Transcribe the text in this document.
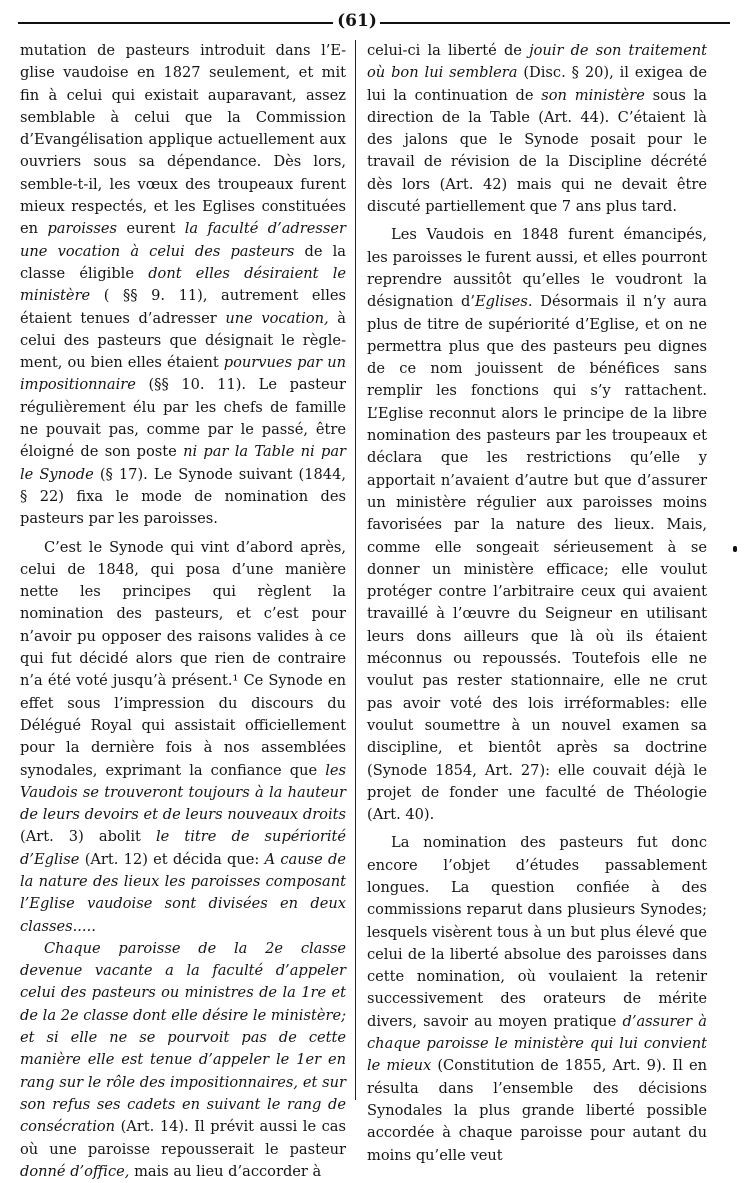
(61)

mutation de pasteurs introduit dans l’Eglise vaudoise en 1827 seulement, et mit fin à celui qui existait auparavant, assez semblable à celui que la Commission d’Evangélisation applique actuellement aux ouvriers sous sa dépendance. Dès lors, semble-t-il, les vœux des troupeaux furent mieux respectés, et les Eglises constituées en paroisses eurent la faculté d’adresser une vocation à celui des pasteurs de la classe éligible dont elles désiraient le ministère ( §§ 9. 11), autrement elles étaient tenues d’adresser une vocation, à celui des pasteurs que désignait le règlement, ou bien elles étaient pourvues par un impositionnaire (§§ 10. 11). Le pasteur régulièrement élu par les chefs de famille ne pouvait pas, comme par le passé, être éloigné de son poste ni par la Table ni par le Synode (§ 17). Le Synode suivant (1844, § 22) fixa le mode de nomination des pasteurs par les paroisses.

C’est le Synode qui vint d’abord après, celui de 1848, qui posa d’une manière nette les principes qui règlent la nomination des pasteurs, et c’est pour n’avoir pu opposer des raisons valides à ce qui fut décidé alors que rien de contraire n’a été voté jusqu’à présent.¹ Ce Synode en effet sous l’impression du discours du Délégué Royal qui assistait officiellement pour la dernière fois à nos assemblées synodales, exprimant la confiance que les Vaudois se trouveront toujours à la hauteur de leurs devoirs et de leurs nouveaux droits (Art. 3) abolit le titre de supériorité d’Eglise (Art. 12) et décida que: A cause de la nature des lieux les paroisses composant l’Eglise vaudoise sont divisées en deux classes.....

Chaque paroisse de la 2e classe devenue vacante a la faculté d’appeler celui des pasteurs ou ministres de la 1re et de la 2e classe dont elle désire le ministère; et si elle ne se pourvoit pas de cette manière elle est tenue d’appeler le 1er en rang sur le rôle des impositionnaires, et sur son refus ses cadets en suivant le rang de consécration (Art. 14). Il prévit aussi le cas où une paroisse repousserait le pasteur donné d’office, mais au lieu d’accorder à

celui-ci la liberté de jouir de son traitement où bon lui semblera (Disc. § 20), il exigea de lui la continuation de son ministère sous la direction de la Table (Art. 44). C’étaient là des jalons que le Synode posait pour le travail de révision de la Discipline décrété dès lors (Art. 42) mais qui ne devait être discuté partiellement que 7 ans plus tard.

Les Vaudois en 1848 furent émancipés, les paroisses le furent aussi, et elles pourront reprendre aussitôt qu’elles le voudront la désignation d’Eglises. Désormais il n’y aura plus de titre de supériorité d’Eglise, et on ne permettra plus que des pasteurs peu dignes de ce nom jouissent de bénéfices sans remplir les fonctions qui s’y rattachent. L’Eglise reconnut alors le principe de la libre nomination des pasteurs par les troupeaux et déclara que les restrictions qu’elle y apportait n’avaient d’autre but que d’assurer un ministère régulier aux paroisses moins favorisées par la nature des lieux. Mais, comme elle songeait sérieusement à se donner un ministère efficace; elle voulut protéger contre l’arbitraire ceux qui avaient travaillé à l’œuvre du Seigneur en utilisant leurs dons ailleurs que là où ils étaient méconnus ou repoussés. Toutefois elle ne voulut pas rester stationnaire, elle ne crut pas avoir voté des lois irréformables: elle voulut soumettre à un nouvel examen sa discipline, et bientôt après sa doctrine (Synode 1854, Art. 27): elle couvait déjà le projet de fonder une faculté de Théologie (Art. 40).

La nomination des pasteurs fut donc encore l’objet d’études passablement longues. La question confiée à des commissions reparut dans plusieurs Synodes; lesquels visèrent tous à un but plus élevé que celui de la liberté absolue des paroisses dans cette nomination, où voulaient la retenir successivement des orateurs de mérite divers, savoir au moyen pratique d’assurer à chaque paroisse le ministère qui lui convient le mieux (Constitution de 1855, Art. 9). Il en résulta dans l’ensemble des décisions Synodales la plus grande liberté possible accordée à chaque paroisse pour autant du moins qu’elle veut
